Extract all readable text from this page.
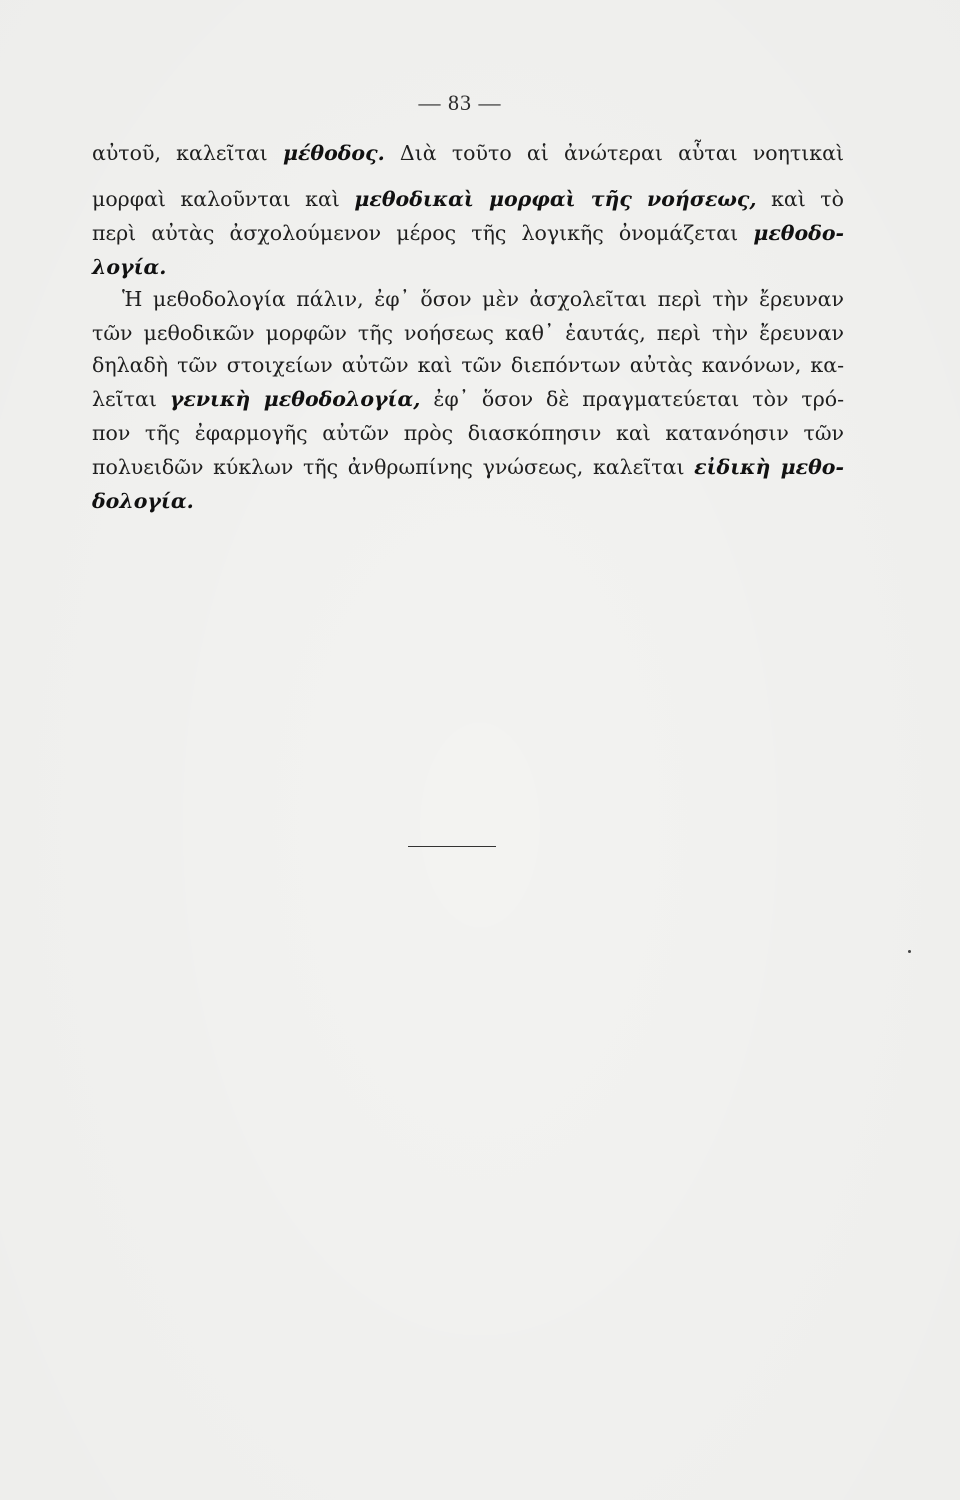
— 83 —
αὐτοῦ, καλεῖται μέθοδος. Διὰ τοῦτο αἱ ἀνώτεραι αὗται νοητικαὶ
μορφαὶ καλοῦνται καὶ μεθοδικαὶ μορφαὶ τῆς νοήσεως, καὶ τὸ
περὶ αὐτὰς ἀσχολούμενον μέρος τῆς λογικῆς ὀνομάζεται μεθοδο-
λογία.
Ἡ μεθοδολογία πάλιν, ἐφ᾽ ὅσον μὲν ἀσχολεῖται περὶ τὴν ἔρευναν
τῶν μεθοδικῶν μορφῶν τῆς νοήσεως καθ᾽ ἑαυτάς, περὶ τὴν ἔρευναν
δηλαδὴ τῶν στοιχείων αὐτῶν καὶ τῶν διεπόντων αὐτὰς κανόνων, κα-
λεῖται γενικὴ μεθοδολογία, ἐφ᾽ ὅσον δὲ πραγματεύεται τὸν τρό-
πον τῆς ἐφαρμογῆς αὐτῶν πρὸς διασκόπησιν καὶ κατανόησιν τῶν
πολυειδῶν κύκλων τῆς ἀνθρωπίνης γνώσεως, καλεῖται εἰδικὴ μεθο-
δολογία.
